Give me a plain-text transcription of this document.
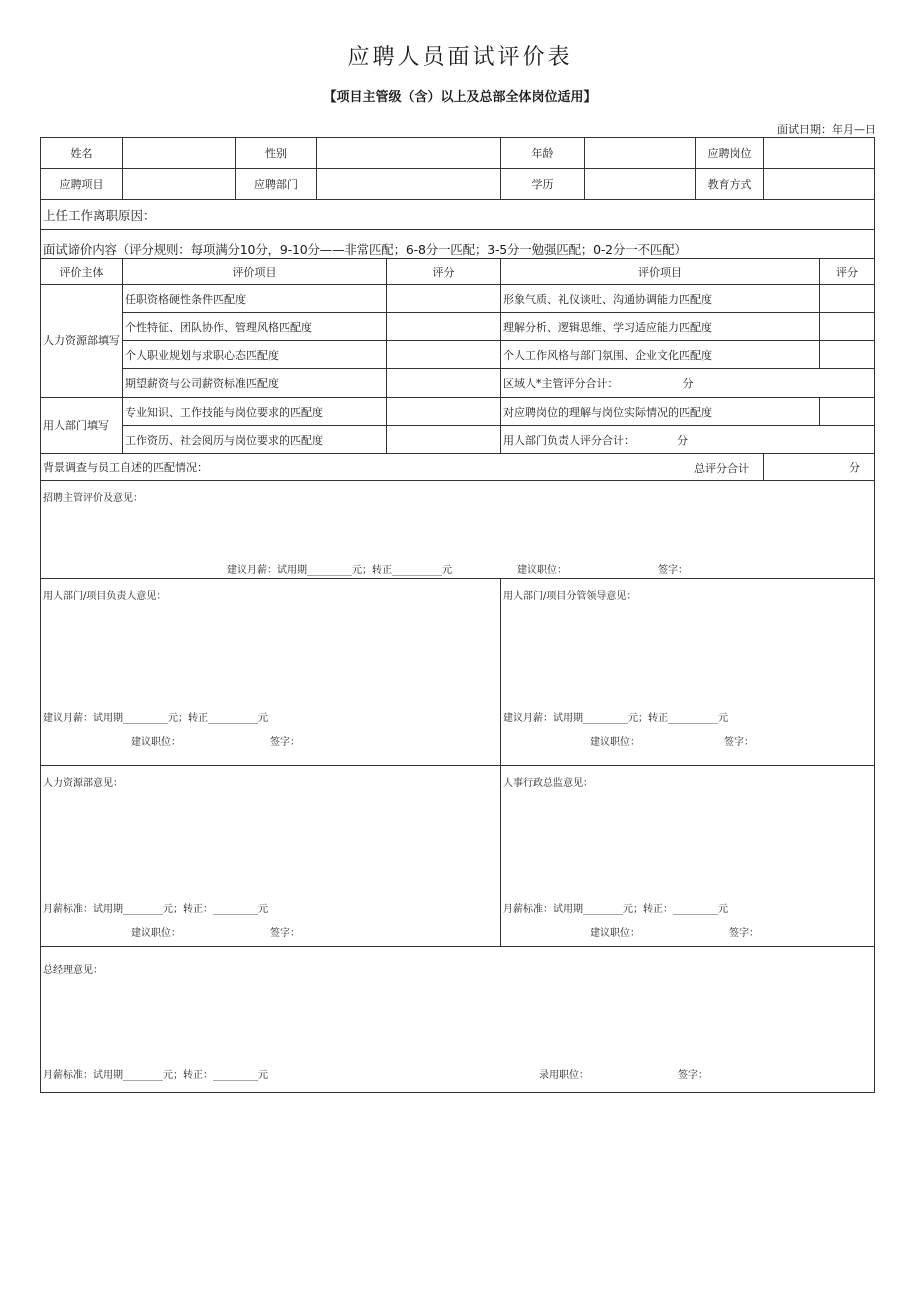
应聘人员面试评价表
【项目主管级（含）以上及总部全体岗位适用】
面试日期：年月—日
姓名		性别			年龄		应聘岗位		
应聘项目		应聘部门			学历		教育方式		
上任工作离职原因：									
面试谛价内容（评分规则：每项满分10分，9-10分——非常匹配；6-8分一匹配；3-5分一勉强匹配；0-2分一不匹配）									
评价主体	评价项目			评分	评价项目				评分
人力资源部填写	任职资格硬性条件匹配度				形象气质、礼仪谈吐、沟通协调能力匹配度				
	个性特征、团队协作、管理风格匹配度				理解分析、逻辑思维、学习适应能力匹配度				
	个人职业规划与求职心态匹配度				个人工作风格与部门氛围、企业文化匹配度				
	期望薪资与公司薪资标准匹配度				区域人*主管评分合计： 分				
用人部门填写	专业知识、工作技能与岗位要求的匹配度				对应聘岗位的理解与岗位实际情况的匹配度				
	工作资历、社会阅历与岗位要求的匹配度				用人部门负责人评分合计： 分				
背景调查与员工自述的匹配情况： 总评分合计								分	

招聘主管评价及意见：
建议月薪：试用期_________元；转正__________元 建议职位： 签字：									

用人部门/项目负责人意见：
建议月薪：试用期_________元；转正__________元
建议职位： 签字：					用人部门/项目分管领导意见：
建议月薪：试用期_________元；转正__________元
建议职位： 签字：				

人力资源部意见：
月薪标准：试用期________元；转正：_________元
建议职位： 签字：					人事行政总监意见：
月薪标准：试用期________元；转正：_________元
建议职位： 签字：				

总经理意见：
月薪标准：试用期________元；转正：_________元 录用职位： 签字：									
